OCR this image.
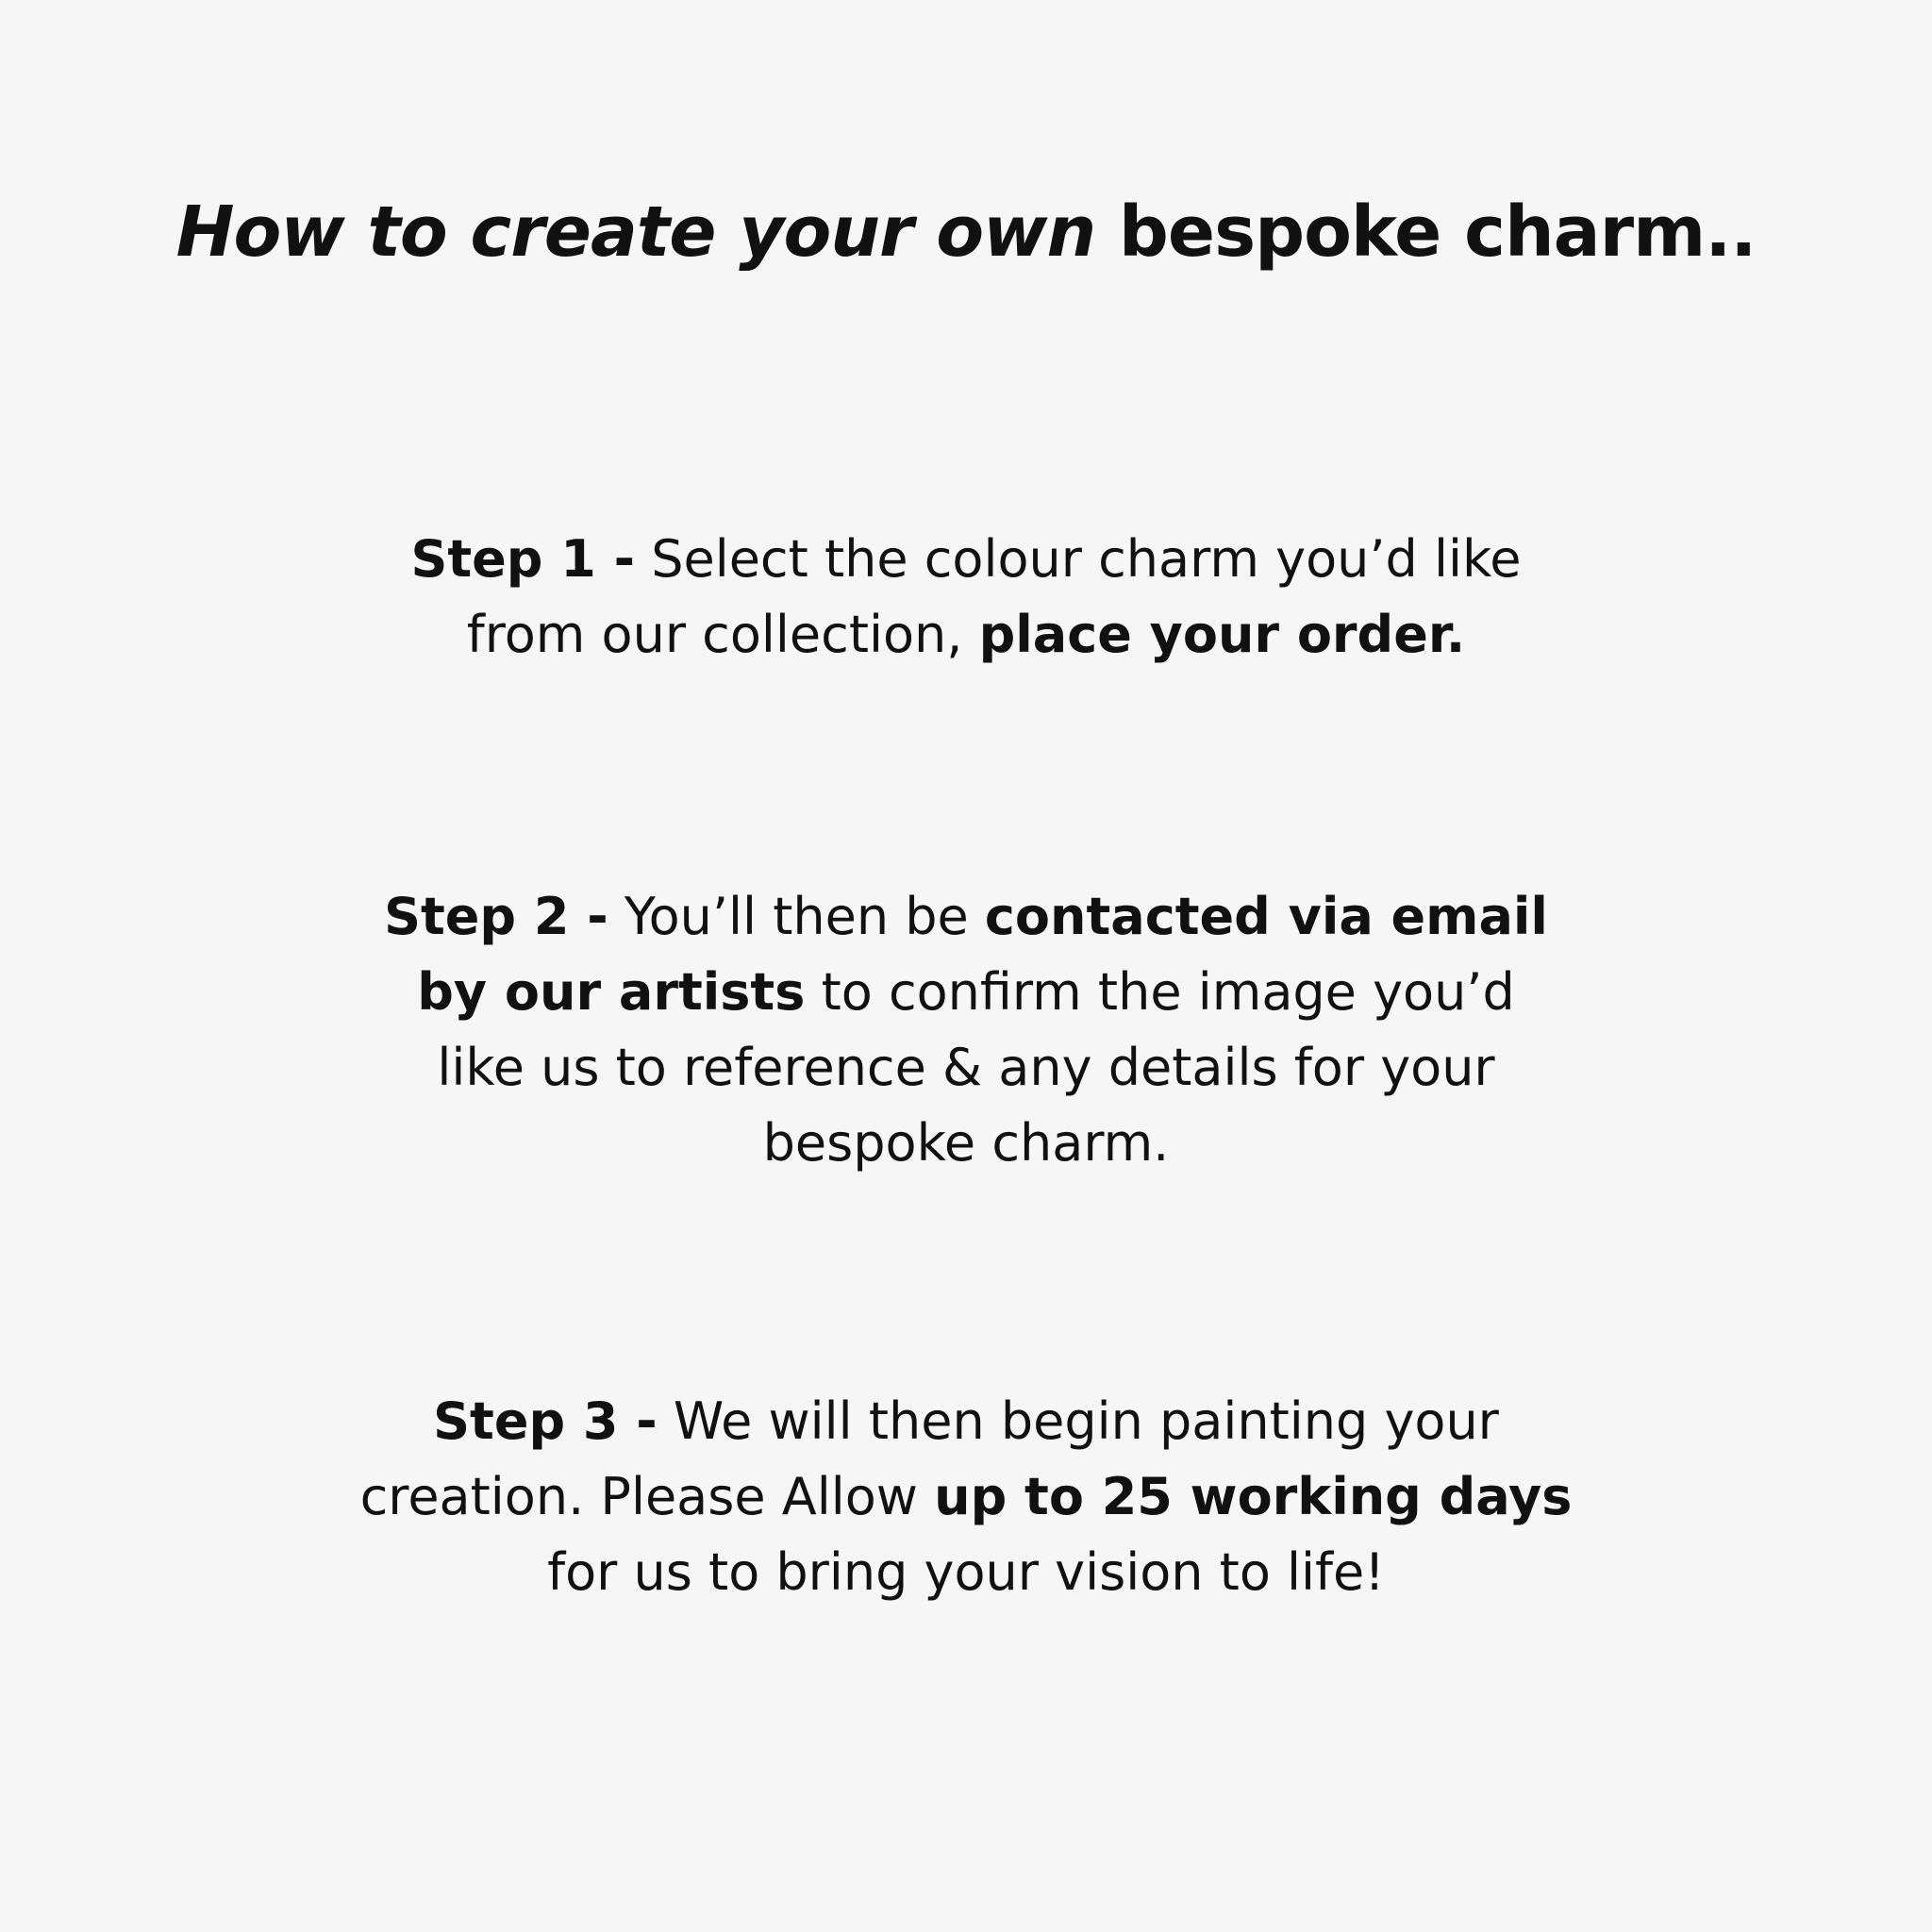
How to create your own bespoke charm..

Step 1 - Select the colour charm you’d like
from our collection, place your order.

Step 2 - You’ll then be contacted via email
by our artists to confirm the image you’d
like us to reference & any details for your
bespoke charm.

Step 3 - We will then begin painting your
creation. Please Allow up to 25 working days
for us to bring your vision to life!
